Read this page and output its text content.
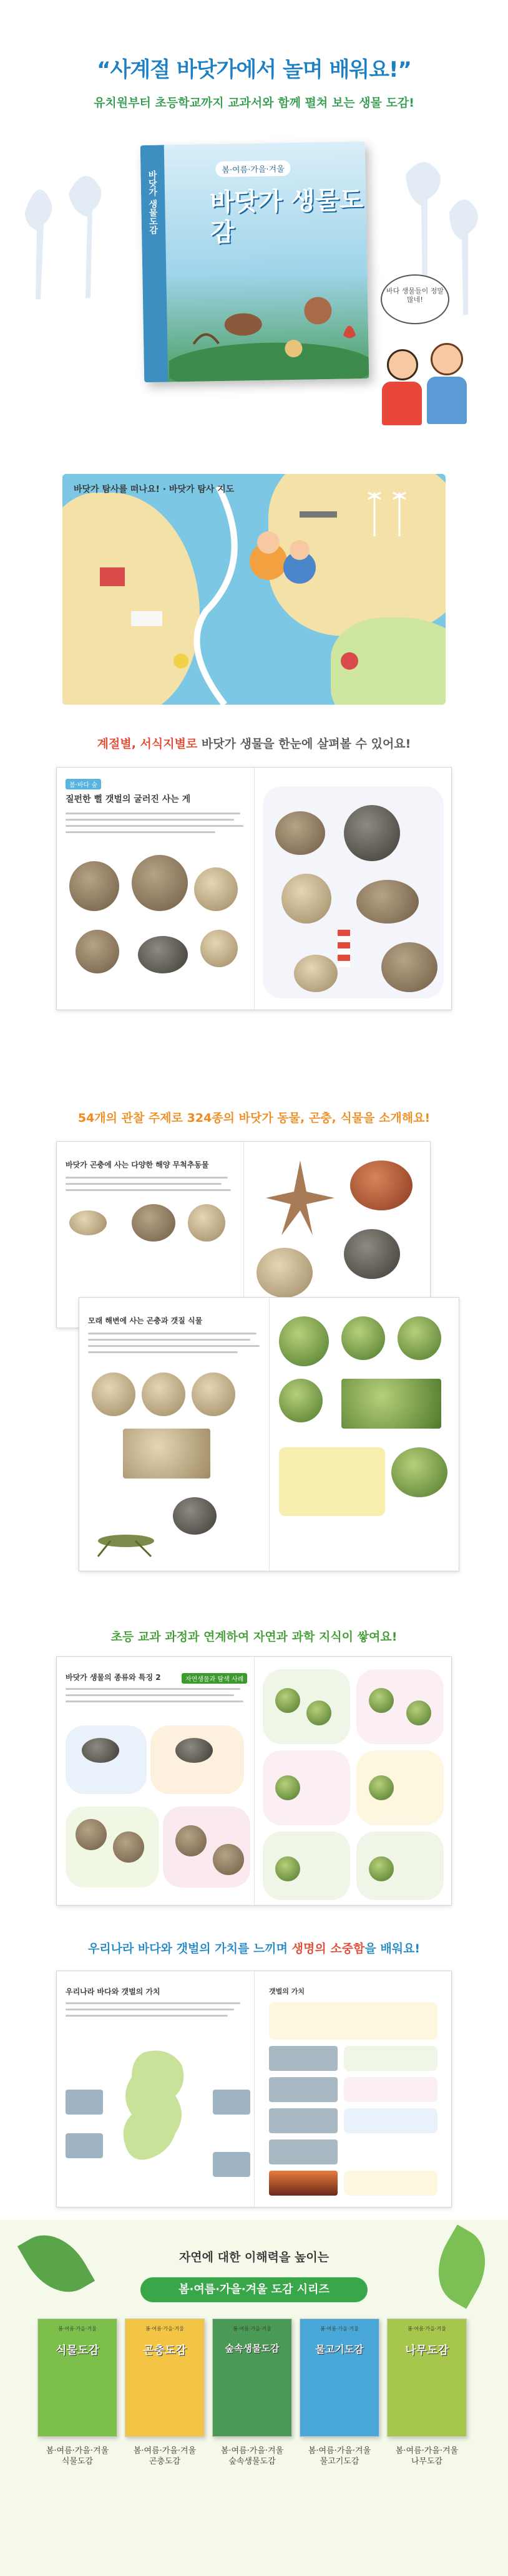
“사계절 바닷가에서 놀며 배워요!”
유치원부터 초등학교까지 교과서와 함께 펼쳐 보는 생물 도감!
바닷가 생물도감
봄·여름·가을·겨울
바닷가 생물도감
바다 생물들이 정말 많네!
바닷가 탐사를 떠나요! · 바닷가 탐사 지도
계절별, 서식지별로 바닷가 생물을 한눈에 살펴볼 수 있어요!
봄·바다 숲
질펀한 뻘 갯벌의 굴러진 사는 게
54개의 관찰 주제로 324종의 바닷가 동물, 곤충, 식물을 소개해요!
바닷가 곤충에 사는 다양한 해양 무척추동물
모래 해변에 사는 곤충과 갯질 식물
초등 교과 과정과 연계하여 자연과 과학 지식이 쌓여요!
바닷가 생물의 종류와 특징 2	자연생물과 탐색 사례
우리나라 바다와 갯벌의 가치를 느끼며 생명의 소중함을 배워요!
우리나라 바다와 갯벌의 가치	갯벌의 가치
자연에 대한 이해력을 높이는
봄·여름·가을·겨울 도감 시리즈
봄·여름·가을·겨울
식물도감
봄·여름·가을·겨울
곤충도감
봄·여름·가을·겨울
숲속생물도감
봄·여름·가을·겨울
물고기도감
봄·여름·가을·겨울
나무도감
봄·여름·가을·겨울
식물도감
봄·여름·가을·겨울
곤충도감
봄·여름·가을·겨울
숲속생물도감
봄·여름·가을·겨울
물고기도감
봄·여름·가을·겨울
나무도감
